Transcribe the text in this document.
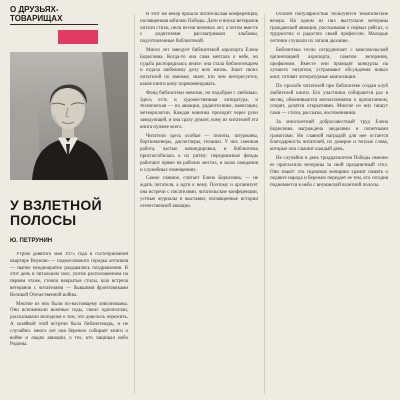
О ДРУЗЬЯХ-
ТОВАРИЩАХ
У ВЗЛЕТНОЙ
ПОЛОСЫ
Ю. ПЕТРУНИН

Утром девятого мая 1975 года в гостеприимной квартире Внуково — подмосковного городка летчиков — нынче неоднократно раздавались поздравления. В этот день в читальном зале, уютно расположенном на первом этаже, стояли накрытые столы, шла встреча ветеранов с читателями — бывшими фронтовиками Великой Отечественной войны.

Многие из них были по-настоящему взволнованы. Они вспоминали военные годы, своих однополчан, рассказывали молодежи о том, что довелось пережить. А хозяйкой этой встречи была библиотекарь, и не случайно: много лет она бережно собирает книги о войне и людях авиации, о тех, кто защищал небо Родины.

В этот же вечер прошла читательская конференция, посвященная юбилею Победы. Дети и внуки ветеранов читали стихи, пели песни военных лет, а потом вместе с родителями рассматривали альбомы, подготовленные библиотекой.

Много лет заведует библиотекой аэропорта Елена Борисовна. Когда-то она сама мечтала о небе, но судьба распорядилась иначе: она стала библиотекарем и отдала любимому делу всю жизнь. Знает своих читателей по именам, знает, кто чем интересуется, какие книги кому порекомендовать.

Фонд библиотеки невелик, но подобран с любовью. Здесь есть и художественная литература, и техническая — по авиации, радиотехнике, навигации, метеорологии. Каждая новинка проходит через руки заведующей, и она сразу думает, кому из читателей эта книга нужнее всего.

Читатели здесь особые — пилоты, штурманы, бортинженеры, диспетчеры, техники. У них сменная работа, частые командировки, и библиотека приспособилась к их ритму: передвижные фонды работают прямо на рабочих местах, в залах ожидания и служебных помещениях.

Самое главное, считает Елена Борисовна, — не ждать читателя, а идти к нему. Поэтому и организует она встречи с писателями, читательские конференции, устные журналы и выставки, посвященные истории отечественной авиации.

Особой популярностью пользуются тематические вечера. На одном из них выступали ветераны гражданской авиации, рассказывая о первых рейсах, о трудностях и радостях своей профессии. Молодые летчики слушали их затаив дыхание.

Библиотека тесно сотрудничает с комсомольской организацией аэропорта, советом ветеранов, профкомом. Вместе они проводят конкурсы на лучшего читателя, устраивают обсуждения новых книг, готовят литературные композиции.

По просьбе читателей при библиотеке создан клуб любителей книги. Его участники собираются раз в месяц, обмениваются впечатлениями о прочитанном, спорят, делятся открытиями. Многие из них пишут сами — стихи, рассказы, воспоминания.

За многолетний добросовестный труд Елена Борисовна награждена медалями и почетными грамотами. Но главной наградой для нее остается благодарность читателей, их доверие и теплые слова, которые она слышит каждый день.

Не случайно в день тридцатилетия Победы именно ее пригласили ветераны за свой праздничный стол. Они знают: эта скромная женщина хранит память о подвиге народа и бережно передает ее тем, кто сегодня поднимается в небо с внуковской взлетной полосы.
